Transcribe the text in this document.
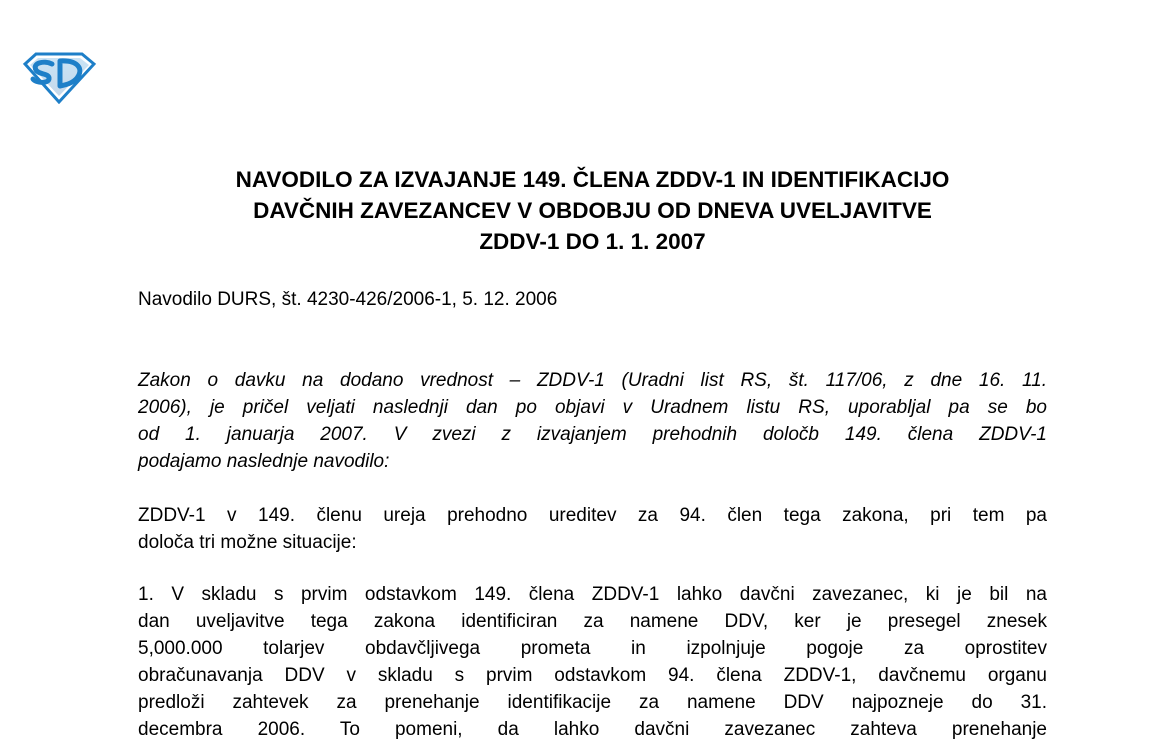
NAVODILO ZA IZVAJANJE 149. ČLENA ZDDV-1 IN IDENTIFIKACIJO
DAVČNIH ZAVEZANCEV V OBDOBJU OD DNEVA UVELJAVITVE
ZDDV-1 DO 1. 1. 2007

Navodilo DURS, št. 4230-426/2006-1, 5. 12. 2006

Zakon o davku na dodano vrednost – ZDDV-1 (Uradni list RS, št. 117/06, z dne 16. 11.
2006), je pričel veljati naslednji dan po objavi v Uradnem listu RS, uporabljal pa se bo
od 1. januarja 2007. V zvezi z izvajanjem prehodnih določb 149. člena ZDDV-1
podajamo naslednje navodilo:

ZDDV-1 v 149. členu ureja prehodno ureditev za 94. člen tega zakona, pri tem pa
določa tri možne situacije:

1. V skladu s prvim odstavkom 149. člena ZDDV-1 lahko davčni zavezanec, ki je bil na
dan uveljavitve tega zakona identificiran za namene DDV, ker je presegel znesek
5,000.000 tolarjev obdavčljivega prometa in izpolnjuje pogoje za oprostitev
obračunavanja DDV v skladu s prvim odstavkom 94. člena ZDDV-1, davčnemu organu
predloži zahtevek za prenehanje identifikacije za namene DDV najpozneje do 31.
decembra 2006. To pomeni, da lahko davčni zavezanec zahteva prenehanje
